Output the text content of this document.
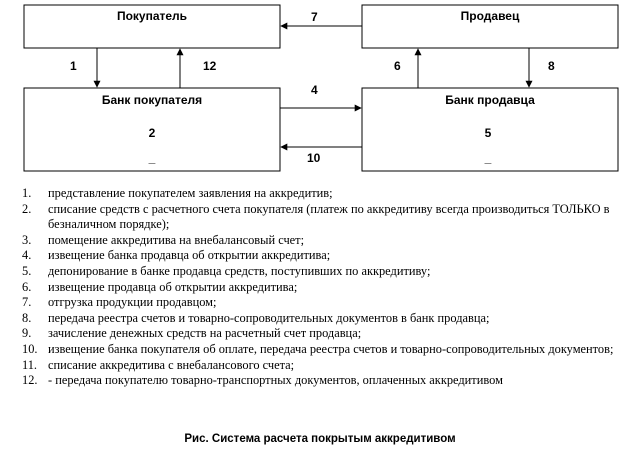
Покупатель	Продавец
Банк покупателя
2
_
Банк продавца
5
_
1	12
7
6	8
4
10
1. представление покупателем заявления на аккредитив;
2. списание средств с расчетного счета покупателя (платеж по аккредитиву всегда производиться ТОЛЬКО в безналичном порядке);
3. помещение аккредитива на внебалансовый счет;
4. извещение банка продавца об открытии аккредитива;
5. депонирование в банке продавца средств, поступивших по аккредитиву;
6. извещение продавца об открытии аккредитива;
7. отгрузка продукции продавцом;
8. передача реестра счетов и товарно-сопроводительных документов в банк продавца;
9. зачисление денежных средств на расчетный счет продавца;
10. извещение банка покупателя об оплате, передача реестра счетов и товарно-сопроводительных документов;
11. списание аккредитива с внебалансового счета;
12. - передача покупателю товарно-транспортных документов, оплаченных аккредитивом
Рис. Система расчета покрытым аккредитивом
